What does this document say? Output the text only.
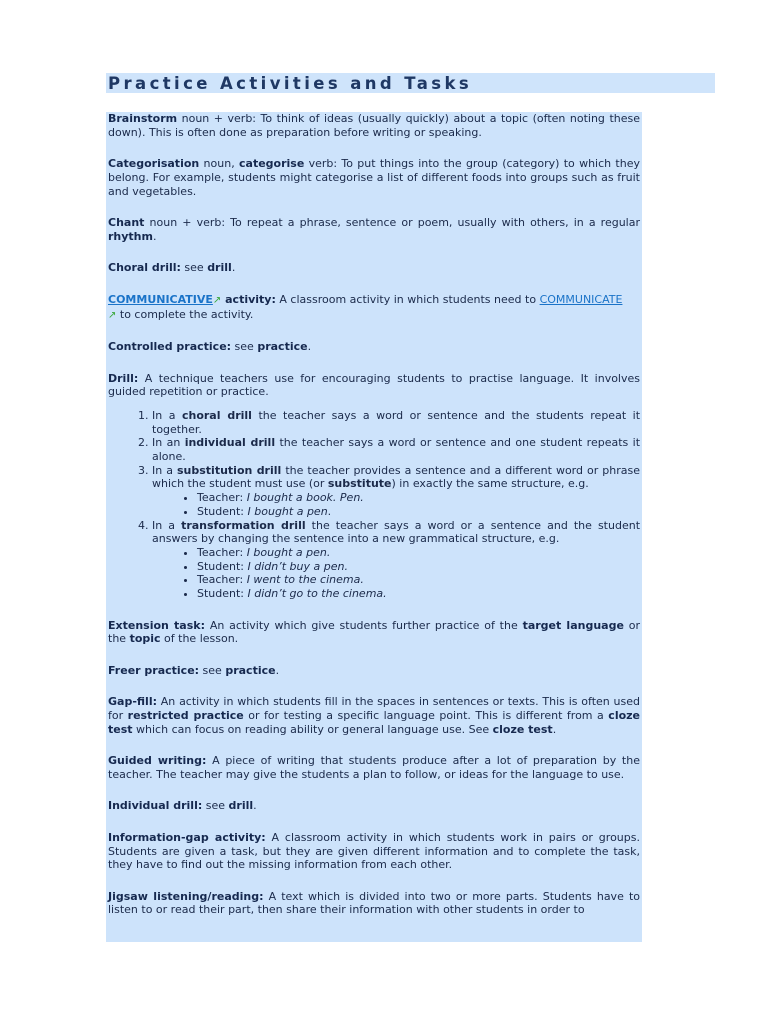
Practice Activities and Tasks

Brainstorm noun + verb: To think of ideas (usually quickly) about a topic (often noting these down). This is often done as preparation before writing or speaking.

Categorisation noun, categorise verb: To put things into the group (category) to which they belong. For example, students might categorise a list of different foods into groups such as fruit and vegetables.

Chant noun + verb: To repeat a phrase, sentence or poem, usually with others, in a regular rhythm.

Choral drill: see drill.

COMMUNICATIVE↗ activity: A classroom activity in which students need to COMMUNICATE
↗ to complete the activity.

Controlled practice: see practice.

Drill: A technique teachers use for encouraging students to practise language. It involves guided repetition or practice.

1. In a choral drill the teacher says a word or sentence and the students repeat it together.
2. In an individual drill the teacher says a word or sentence and one student repeats it alone.
3. In a substitution drill the teacher provides a sentence and a different word or phrase which the student must use (or substitute) in exactly the same structure, e.g.
• Teacher: I bought a book. Pen.
• Student: I bought a pen.
4. In a transformation drill the teacher says a word or a sentence and the student answers by changing the sentence into a new grammatical structure, e.g.
• Teacher: I bought a pen.
• Student: I didn’t buy a pen.
• Teacher: I went to the cinema.
• Student: I didn’t go to the cinema.

Extension task: An activity which give students further practice of the target language or the topic of the lesson.

Freer practice: see practice.

Gap-fill: An activity in which students fill in the spaces in sentences or texts. This is often used for restricted practice or for testing a specific language point. This is different from a cloze test which can focus on reading ability or general language use. See cloze test.

Guided writing: A piece of writing that students produce after a lot of preparation by the teacher. The teacher may give the students a plan to follow, or ideas for the language to use.

Individual drill: see drill.

Information-gap activity: A classroom activity in which students work in pairs or groups. Students are given a task, but they are given different information and to complete the task, they have to find out the missing information from each other.

Jigsaw listening/reading: A text which is divided into two or more parts. Students have to listen to or read their part, then share their information with other students in order to
